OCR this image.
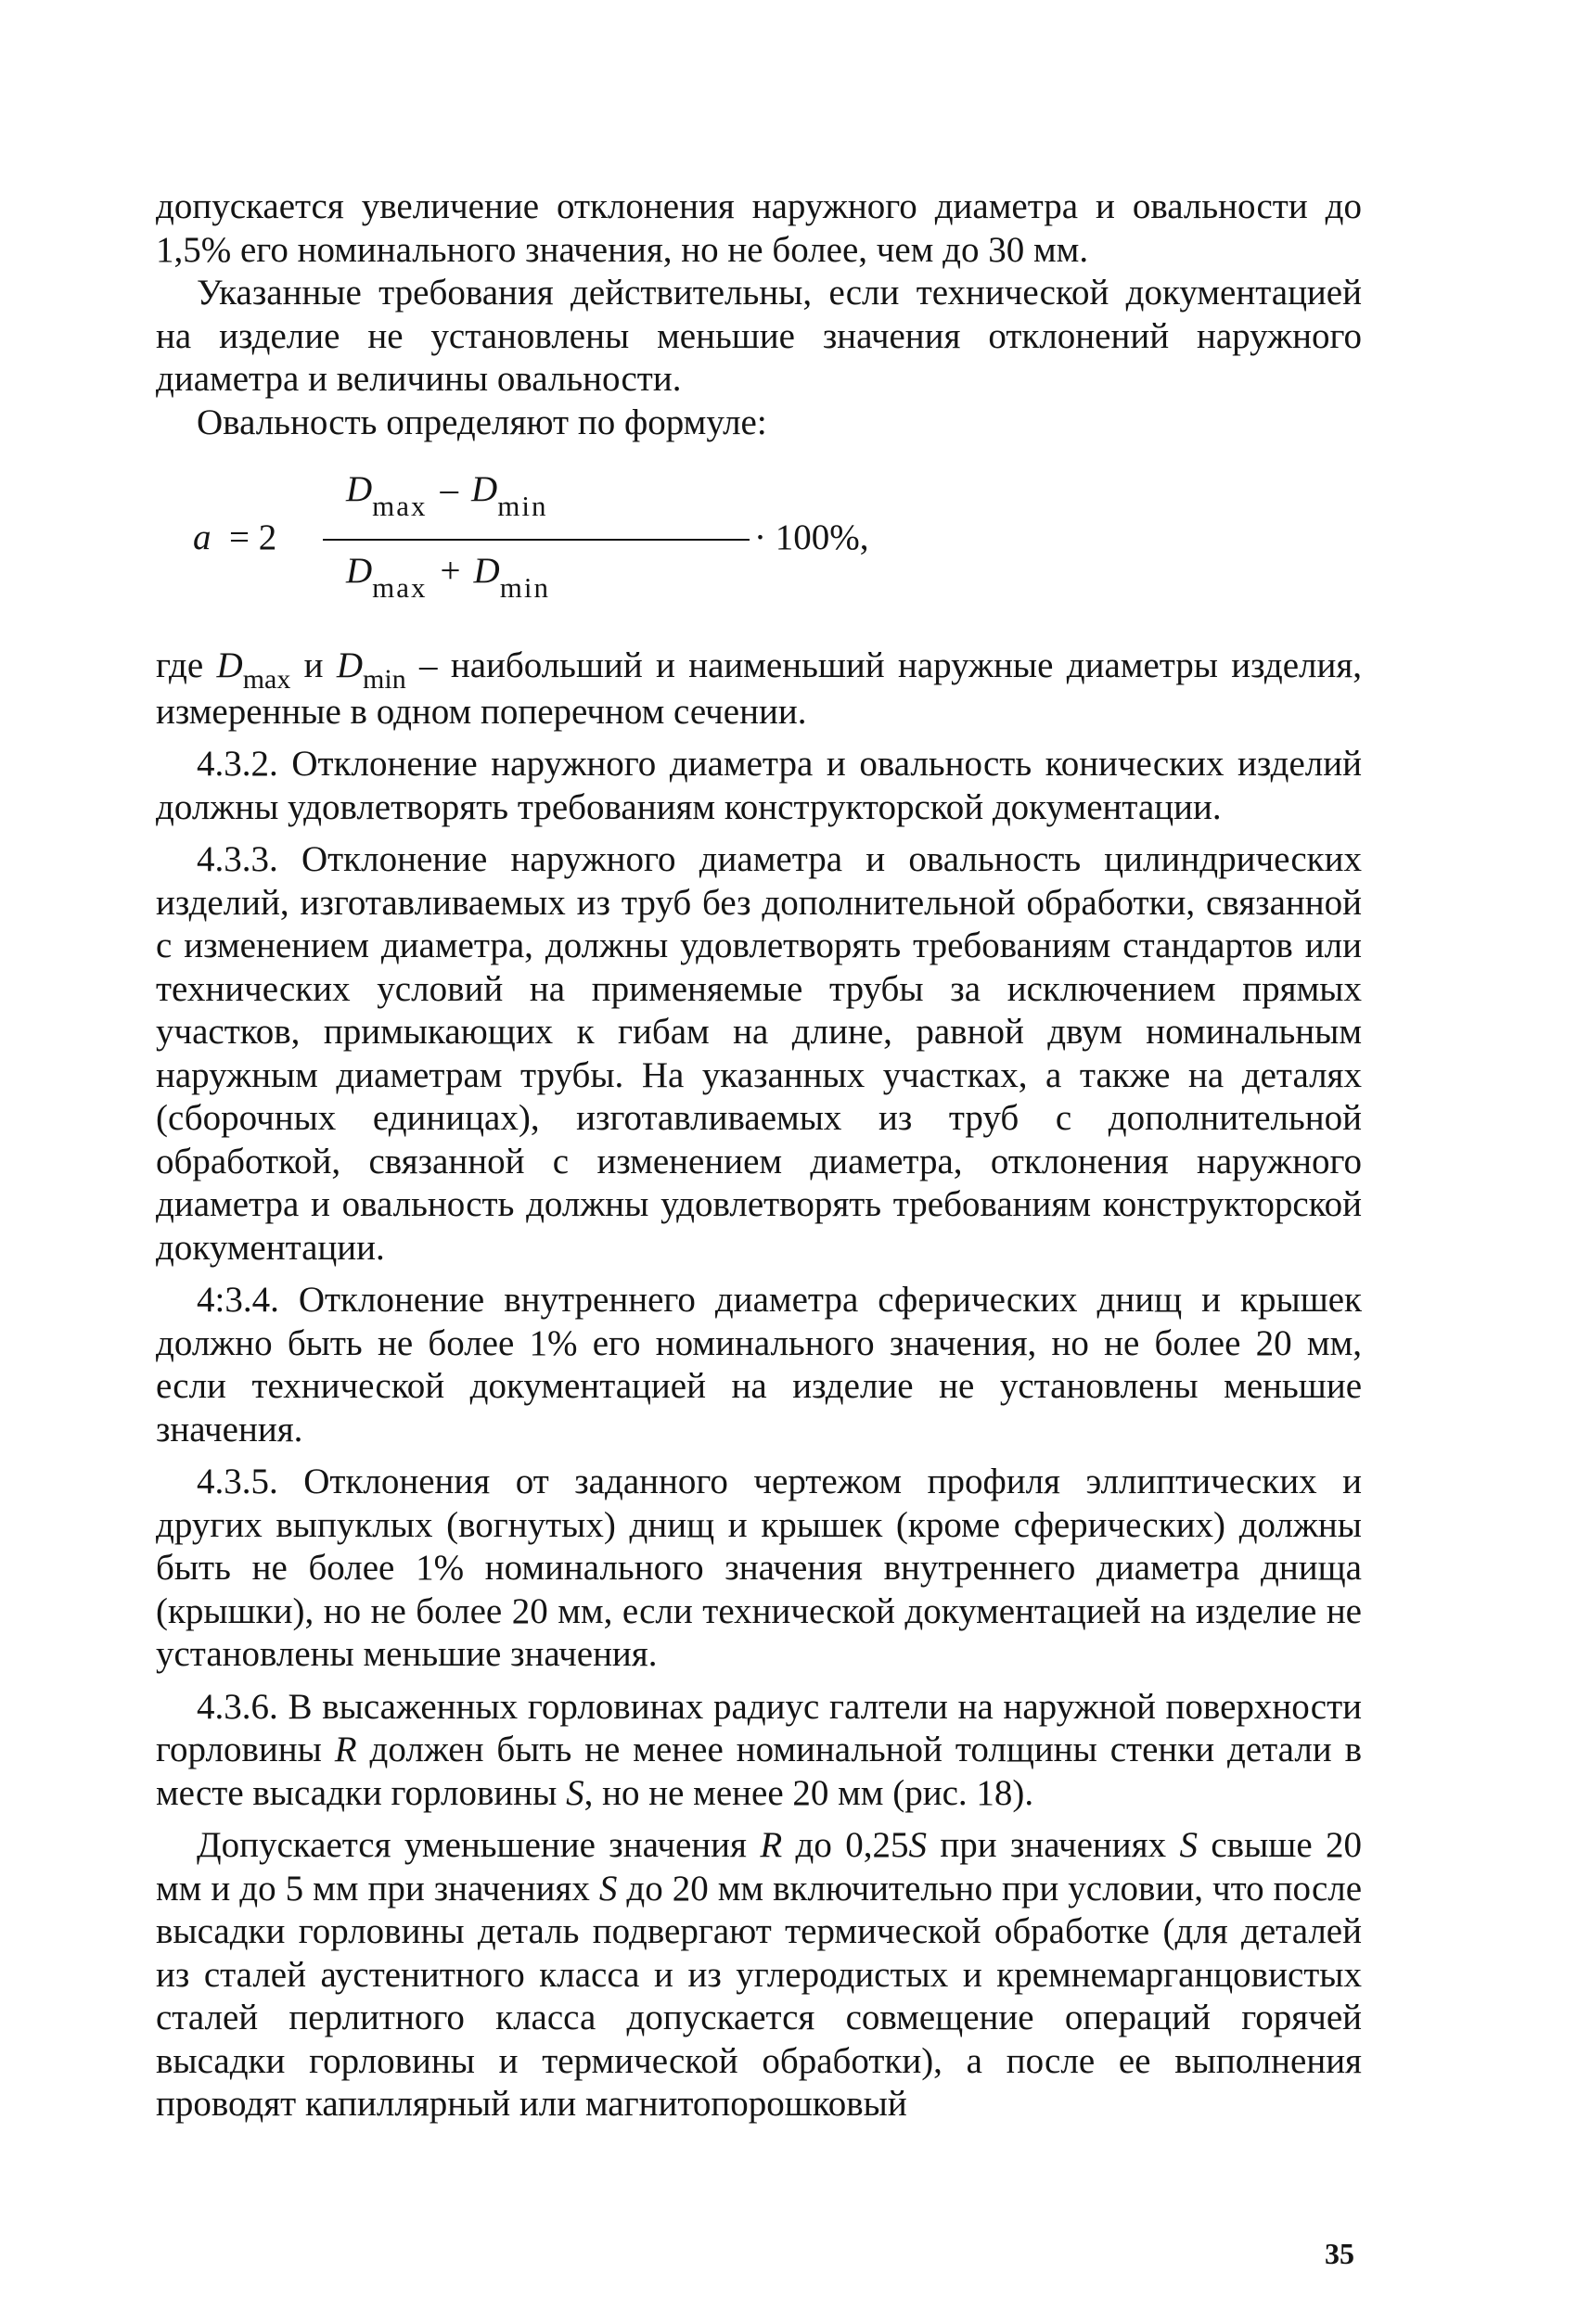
допускается увеличение отклонения наружного диаметра и овальности до 1,5% его номинального значения, но не более, чем до 30 мм.

Указанные требования действительны, если технической документацией на изделие не установлены меньшие значения отклонений наружного диаметра и величины овальности.

Овальность определяют по формуле:

a = 2
$D_{max} - D_{min}$
$D_{max} + D_{min}$
· 100%,

где $D_{max}$ и $D_{min}$ – наибольший и наименьший наружные диаметры изделия, измеренные в одном поперечном сечении.

4.3.2. Отклонение наружного диаметра и овальность конических изделий должны удовлетворять требованиям конструкторской документации.

4.3.3. Отклонение наружного диаметра и овальность цилиндрических изделий, изготавливаемых из труб без дополнительной обработки, связанной с изменением диаметра, должны удовлетворять требованиям стандартов или технических условий на применяемые трубы за исключением прямых участков, примыкающих к гибам на длине, равной двум номинальным наружным диаметрам трубы. На указанных участках, а также на деталях (сборочных единицах), изготавливаемых из труб с дополнительной обработкой, связанной с изменением диаметра, отклонения наружного диаметра и овальность должны удовлетворять требованиям конструкторской документации.

4:3.4. Отклонение внутреннего диаметра сферических днищ и крышек должно быть не более 1% его номинального значения, но не более 20 мм, если технической документацией на изделие не установлены меньшие значения.

4.3.5. Отклонения от заданного чертежом профиля эллиптических и других выпуклых (вогнутых) днищ и крышек (кроме сферических) должны быть не более 1% номинального значения внутреннего диаметра днища (крышки), но не более 20 мм, если технической документацией на изделие не установлены меньшие значения.

4.3.6. В высаженных горловинах радиус галтели на наружной поверхности горловины R должен быть не менее номинальной толщины стенки детали в месте высадки горловины S, но не менее 20 мм (рис. 18).

Допускается уменьшение значения R до 0,25S при значениях S свыше 20 мм и до 5 мм при значениях S до 20 мм включительно при условии, что после высадки горловины деталь подвергают термической обработке (для деталей из сталей аустенитного класса и из углеродистых и кремнемарганцовистых сталей перлитного класса допускается совмещение операций горячей высадки горловины и термической обработки), а после ее выполнения проводят капиллярный или магнитопорошковый

35
